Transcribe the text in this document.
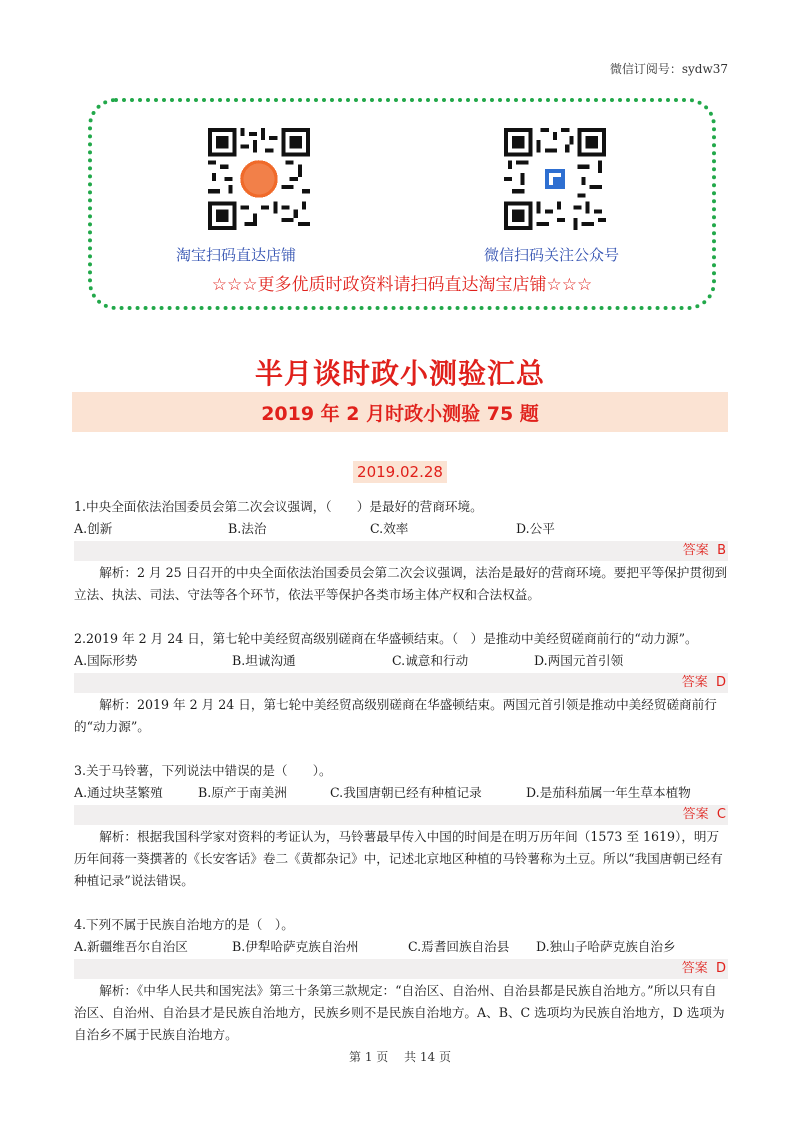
微信订阅号：sydw37
淘宝扫码直达店铺	微信扫码关注公众号
☆☆☆更多优质时政资料请扫码直达淘宝店铺☆☆☆
半月谈时政小测验汇总
2019 年 2 月时政小测验 75 题
2019.02.28

1.中央全面依法治国委员会第二次会议强调，（　　）是最好的营商环境。

A.创新	B.法治	C.效率	D.公平
答案 B

解析：2 月 25 日召开的中央全面依法治国委员会第二次会议强调，法治是最好的营商环境。要把平等保护贯彻到立法、执法、司法、守法等各个环节，依法平等保护各类市场主体产权和合法权益。

2.2019 年 2 月 24 日，第七轮中美经贸高级别磋商在华盛顿结束。（　）是推动中美经贸磋商前行的“动力源”。

A.国际形势	B.坦诚沟通	C.诚意和行动	D.两国元首引领
答案 D

解析：2019 年 2 月 24 日，第七轮中美经贸高级别磋商在华盛顿结束。两国元首引领是推动中美经贸磋商前行的“动力源”。

3.关于马铃薯，下列说法中错误的是（　　）。

A.通过块茎繁殖	B.原产于南美洲	C.我国唐朝已经有种植记录	D.是茄科茄属一年生草本植物
答案 C

解析：根据我国科学家对资料的考证认为，马铃薯最早传入中国的时间是在明万历年间（1573 至 1619），明万历年间蒋一葵撰著的《长安客话》卷二《黄都杂记》中，记述北京地区种植的马铃薯称为土豆。所以“我国唐朝已经有种植记录”说法错误。

4.下列不属于民族自治地方的是（　）。

A.新疆维吾尔自治区	B.伊犁哈萨克族自治州	C.焉耆回族自治县	D.独山子哈萨克族自治乡
答案 D

解析：《中华人民共和国宪法》第三十条第三款规定：“自治区、自治州、自治县都是民族自治地方。”所以只有自治区、自治州、自治县才是民族自治地方，民族乡则不是民族自治地方。A、B、C 选项均为民族自治地方，D 选项为自治乡不属于民族自治地方。

第 1 页　 共 14 页
